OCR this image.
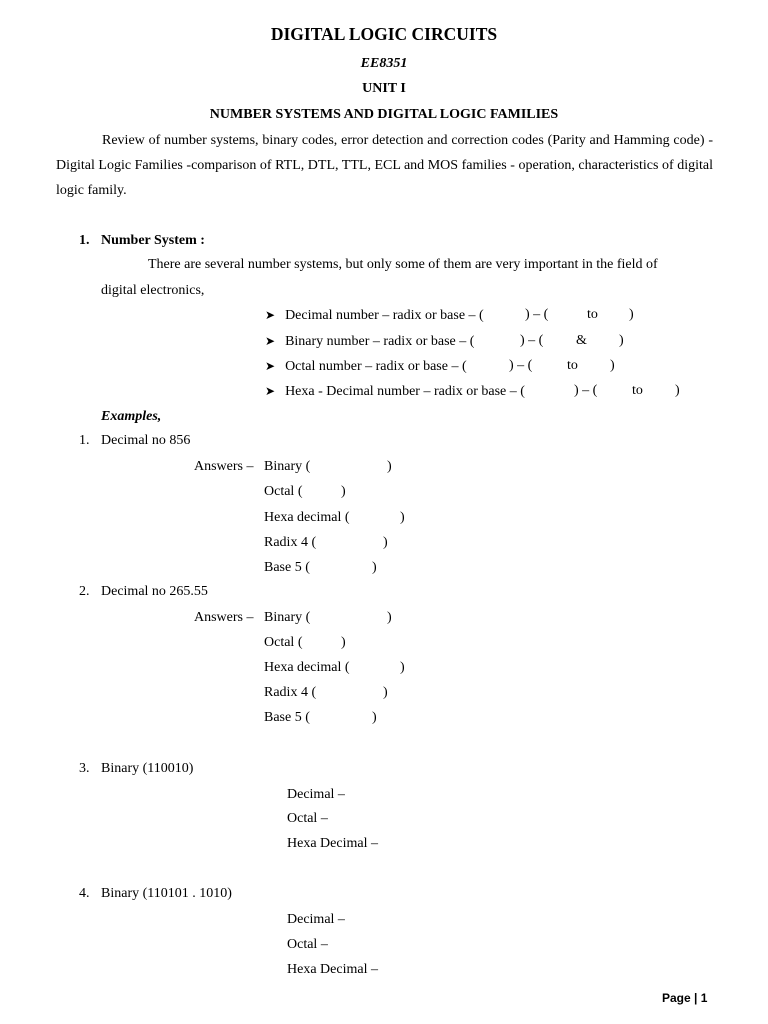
DIGITAL LOGIC CIRCUITS
EE8351
UNIT I
NUMBER SYSTEMS AND DIGITAL LOGIC FAMILIES

Review of number systems, binary codes, error detection and correction codes (Parity and Hamming code) - Digital Logic Families -comparison of RTL, DTL, TTL, ECL and MOS families - operation, characteristics of digital logic family.

1. Number System :
There are several number systems, but only some of them are very important in the field of
digital electronics,
➤ Decimal number – radix or base – (	) – (	to )
➤ Binary number – radix or base – (	) – ( & )
➤ Octal number – radix or base – (	) – ( to )
➤ Hexa - Decimal number – radix or base – (	) – ( to )
Examples,
1. Decimal no 856
Answers – Binary (	)
Octal (	)
Hexa decimal (	)
Radix 4 (	)
Base 5 (	)
2. Decimal no 265.55
Answers – Binary (	)
Octal (	)
Hexa decimal (	)
Radix 4 (	)
Base 5 (	)
3. Binary (110010)
Decimal –
Octal –
Hexa Decimal –
4. Binary (110101 . 1010)
Decimal –
Octal –
Hexa Decimal –
Page | 1
